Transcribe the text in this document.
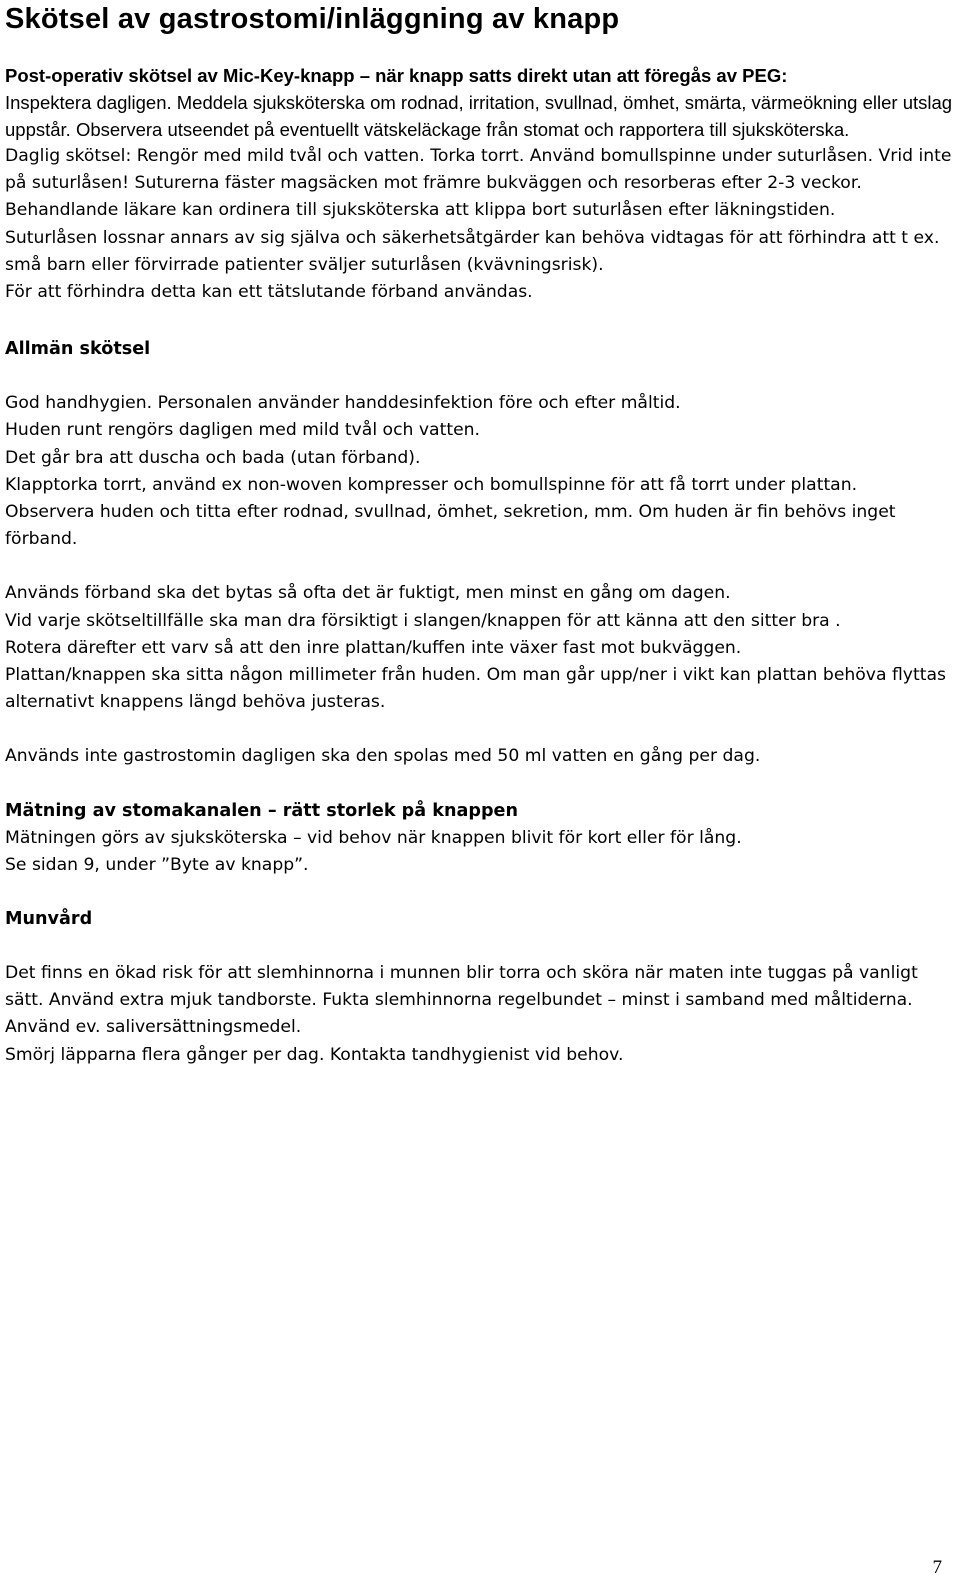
Skötsel av gastrostomi/inläggning av knapp

Post-operativ skötsel av Mic-Key-knapp – när knapp satts direkt utan att föregås av PEG:

Inspektera dagligen. Meddela sjuksköterska om rodnad, irritation, svullnad, ömhet, smärta, värmeökning eller utslag uppstår. Observera utseendet på eventuellt vätskeläckage från stomat och rapportera till sjuksköterska.

Daglig skötsel: Rengör med mild tvål och vatten. Torka torrt. Använd bomullspinne under suturlåsen. Vrid inte på suturlåsen! Suturerna fäster magsäcken mot främre bukväggen och resorberas efter 2-3 veckor.

Behandlande läkare kan ordinera till sjuksköterska att klippa bort suturlåsen efter läkningstiden.

Suturlåsen lossnar annars av sig själva och säkerhetsåtgärder kan behöva vidtagas för att förhindra att t ex. små barn eller förvirrade patienter sväljer suturlåsen (kvävningsrisk).

För att förhindra detta kan ett tätslutande förband användas.

Allmän skötsel

God handhygien. Personalen använder handdesinfektion före och efter måltid.

Huden runt rengörs dagligen med mild tvål och vatten.

Det går bra att duscha och bada (utan förband).

Klapptorka torrt, använd ex non-woven kompresser och bomullspinne för att få torrt under plattan.

Observera huden och titta efter rodnad, svullnad, ömhet, sekretion, mm. Om huden är fin behövs inget förband.

Används förband ska det bytas så ofta det är fuktigt, men minst en gång om dagen.

Vid varje skötseltillfälle ska man dra försiktigt i slangen/knappen för att känna att den sitter bra .

Rotera därefter ett varv så att den inre plattan/kuffen inte växer fast mot bukväggen.

Plattan/knappen ska sitta någon millimeter från huden. Om man går upp/ner i vikt kan plattan behöva flyttas alternativt knappens längd behöva justeras.

Används inte gastrostomin dagligen ska den spolas med 50 ml vatten en gång per dag.

Mätning av stomakanalen – rätt storlek på knappen

Mätningen görs av sjuksköterska – vid behov när knappen blivit för kort eller för lång.

Se sidan 9, under ”Byte av knapp”.

Munvård

Det finns en ökad risk för att slemhinnorna i munnen blir torra och sköra när maten inte tuggas på vanligt sätt. Använd extra mjuk tandborste. Fukta slemhinnorna regelbundet – minst i samband med måltiderna. Använd ev. saliversättningsmedel.

Smörj läpparna flera gånger per dag. Kontakta tandhygienist vid behov.

7
